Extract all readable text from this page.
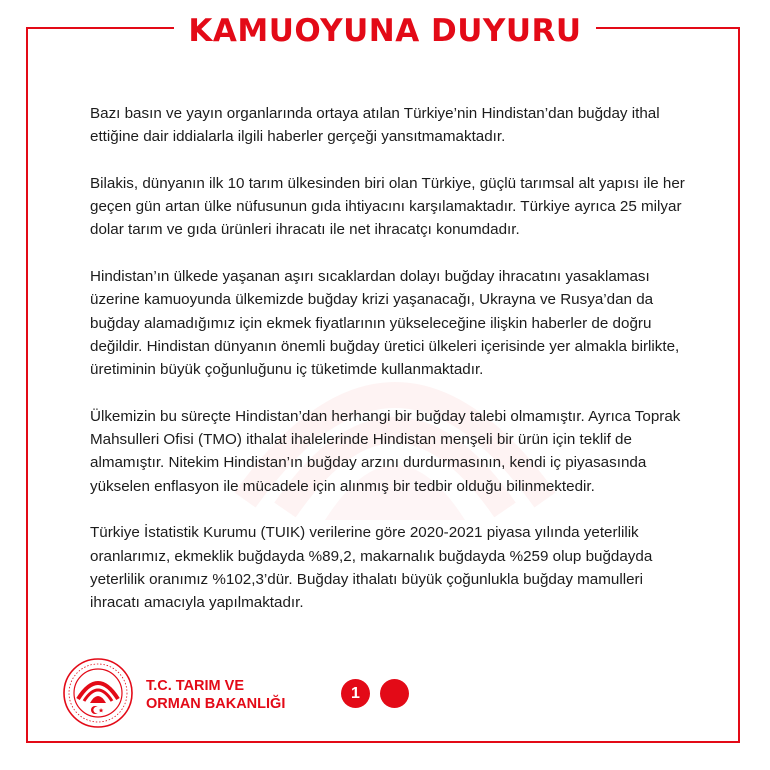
KAMUOYUNA DUYURU

Bazı basın ve yayın organlarında ortaya atılan Türkiye’nin Hindistan’dan buğday ithal ettiğine dair iddialarla ilgili haberler gerçeği yansıtmamaktadır.

Bilakis, dünyanın ilk 10 tarım ülkesinden biri olan Türkiye, güçlü tarımsal alt yapısı ile her geçen gün artan ülke nüfusunun gıda ihtiyacını karşılamaktadır. Türkiye ayrıca 25 milyar dolar tarım ve gıda ürünleri ihracatı ile net ihracatçı konumdadır.

Hindistan’ın ülkede yaşanan aşırı sıcaklardan dolayı buğday ihracatını yasaklaması üzerine kamuoyunda ülkemizde buğday krizi yaşanacağı, Ukrayna ve Rusya’dan da buğday alamadığımız için ekmek fiyatlarının yükseleceğine ilişkin haberler de doğru değildir. Hindistan dünyanın önemli buğday üretici ülkeleri içerisinde yer almakla birlikte, üretiminin büyük çoğunluğunu iç tüketimde kullanmaktadır.

Ülkemizin bu süreçte Hindistan’dan herhangi bir buğday talebi olmamıştır. Ayrıca Toprak Mahsulleri Ofisi (TMO) ithalat ihalelerinde Hindistan menşeli bir ürün için teklif de almamıştır. Nitekim Hindistan’ın buğday arzını durdurmasının, kendi iç piyasasında yükselen enflasyon ile mücadele için alınmış bir tedbir olduğu bilinmektedir.

Türkiye İstatistik Kurumu (TUIK) verilerine göre 2020-2021 piyasa yılında yeterlilik oranlarımız, ekmeklik buğdayda %89,2, makarnalık buğdayda %259 olup buğdayda yeterlilik oranımız %102,3’dür. Buğday ithalatı büyük çoğunlukla buğday mamulleri ihracatı amacıyla yapılmaktadır.

T.C. TARIM VE
ORMAN BAKANLIĞI
1
